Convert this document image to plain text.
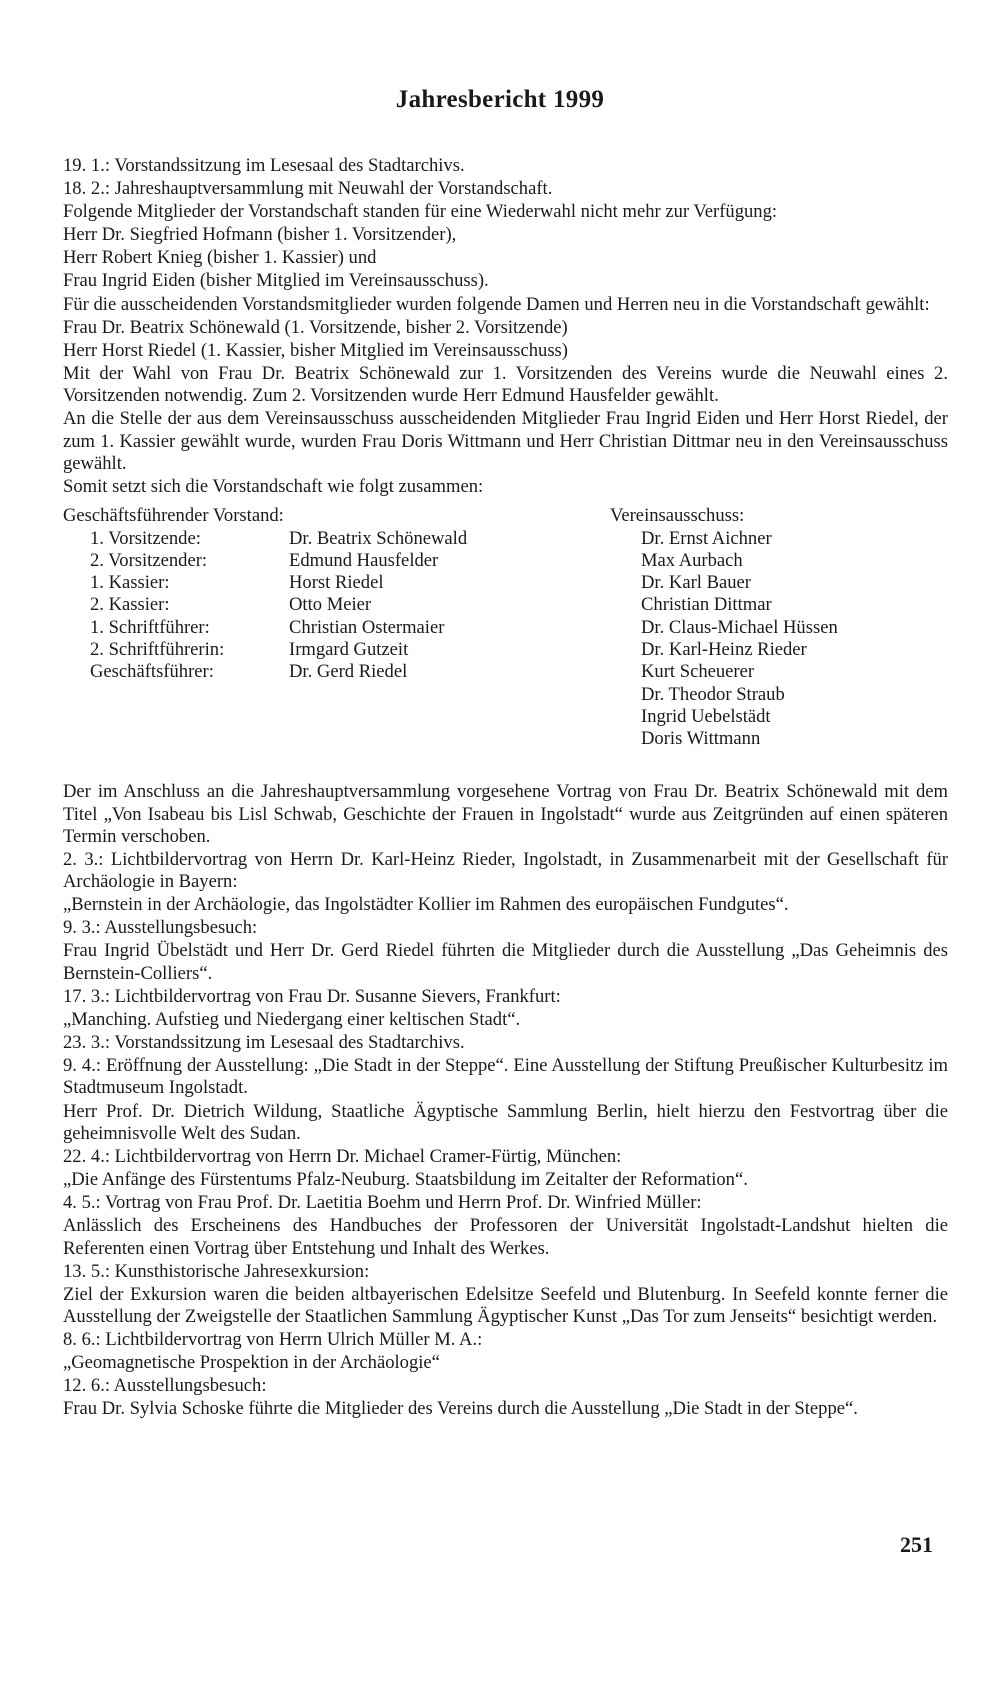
Jahresbericht 1999

19. 1.: Vorstandssitzung im Lesesaal des Stadtarchivs.

18. 2.: Jahreshauptversammlung mit Neuwahl der Vorstandschaft.

Folgende Mitglieder der Vorstandschaft standen für eine Wiederwahl nicht mehr zur Verfügung:

Herr Dr. Siegfried Hofmann (bisher 1. Vorsitzender),

Herr Robert Knieg (bisher 1. Kassier) und

Frau Ingrid Eiden (bisher Mitglied im Vereinsausschuss).

Für die ausscheidenden Vorstandsmitglieder wurden folgende Damen und Herren neu in die Vorstandschaft gewählt:

Frau Dr. Beatrix Schönewald (1. Vorsitzende, bisher 2. Vorsitzende)

Herr Horst Riedel (1. Kassier, bisher Mitglied im Vereinsausschuss)

Mit der Wahl von Frau Dr. Beatrix Schönewald zur 1. Vorsitzenden des Vereins wurde die Neuwahl eines 2. Vorsitzenden notwendig. Zum 2. Vorsitzenden wurde Herr Edmund Hausfelder gewählt.

An die Stelle der aus dem Vereinsausschuss ausscheidenden Mitglieder Frau Ingrid Eiden und Herr Horst Riedel, der zum 1. Kassier gewählt wurde, wurden Frau Doris Wittmann und Herr Christian Dittmar neu in den Vereinsausschuss gewählt.

Somit setzt sich die Vorstandschaft wie folgt zusammen:

Geschäftsführender Vorstand:
1. Vorsitzende:
2. Vorsitzender:
1. Kassier:
2. Kassier:
1. Schriftführer:
2. Schriftführerin:
Geschäftsführer:
Dr. Beatrix Schönewald
Edmund Hausfelder
Horst Riedel
Otto Meier
Christian Ostermaier
Irmgard Gutzeit
Dr. Gerd Riedel
Vereinsausschuss:
Dr. Ernst Aichner
Max Aurbach
Dr. Karl Bauer
Christian Dittmar
Dr. Claus-Michael Hüssen
Dr. Karl-Heinz Rieder
Kurt Scheuerer
Dr. Theodor Straub
Ingrid Uebelstädt
Doris Wittmann

Der im Anschluss an die Jahreshauptversammlung vorgesehene Vortrag von Frau Dr. Beatrix Schönewald mit dem Titel „Von Isabeau bis Lisl Schwab, Geschichte der Frauen in Ingolstadt“ wurde aus Zeitgründen auf einen späteren Termin verschoben.

2. 3.: Lichtbildervortrag von Herrn Dr. Karl-Heinz Rieder, Ingolstadt, in Zusammenarbeit mit der Gesellschaft für Archäologie in Bayern:

„Bernstein in der Archäologie, das Ingolstädter Kollier im Rahmen des europäischen Fundgutes“.

9. 3.: Ausstellungsbesuch:

Frau Ingrid Übelstädt und Herr Dr. Gerd Riedel führten die Mitglieder durch die Ausstellung „Das Geheimnis des Bernstein-Colliers“.

17. 3.: Lichtbildervortrag von Frau Dr. Susanne Sievers, Frankfurt:

„Manching. Aufstieg und Niedergang einer keltischen Stadt“.

23. 3.: Vorstandssitzung im Lesesaal des Stadtarchivs.

9. 4.: Eröffnung der Ausstellung: „Die Stadt in der Steppe“. Eine Ausstellung der Stiftung Preußischer Kulturbesitz im Stadtmuseum Ingolstadt.

Herr Prof. Dr. Dietrich Wildung, Staatliche Ägyptische Sammlung Berlin, hielt hierzu den Festvortrag über die geheimnisvolle Welt des Sudan.

22. 4.: Lichtbildervortrag von Herrn Dr. Michael Cramer-Fürtig, München:

„Die Anfänge des Fürstentums Pfalz-Neuburg. Staatsbildung im Zeitalter der Reformation“.

4. 5.: Vortrag von Frau Prof. Dr. Laetitia Boehm und Herrn Prof. Dr. Winfried Müller:

Anlässlich des Erscheinens des Handbuches der Professoren der Universität Ingolstadt-Landshut hielten die Referenten einen Vortrag über Entstehung und Inhalt des Werkes.

13. 5.: Kunsthistorische Jahresexkursion:

Ziel der Exkursion waren die beiden altbayerischen Edelsitze Seefeld und Blutenburg. In Seefeld konnte ferner die Ausstellung der Zweigstelle der Staatlichen Sammlung Ägyptischer Kunst „Das Tor zum Jenseits“ besichtigt werden.

8. 6.: Lichtbildervortrag von Herrn Ulrich Müller M. A.:

„Geomagnetische Prospektion in der Archäologie“

12. 6.: Ausstellungsbesuch:

Frau Dr. Sylvia Schoske führte die Mitglieder des Vereins durch die Ausstellung „Die Stadt in der Steppe“.

251
